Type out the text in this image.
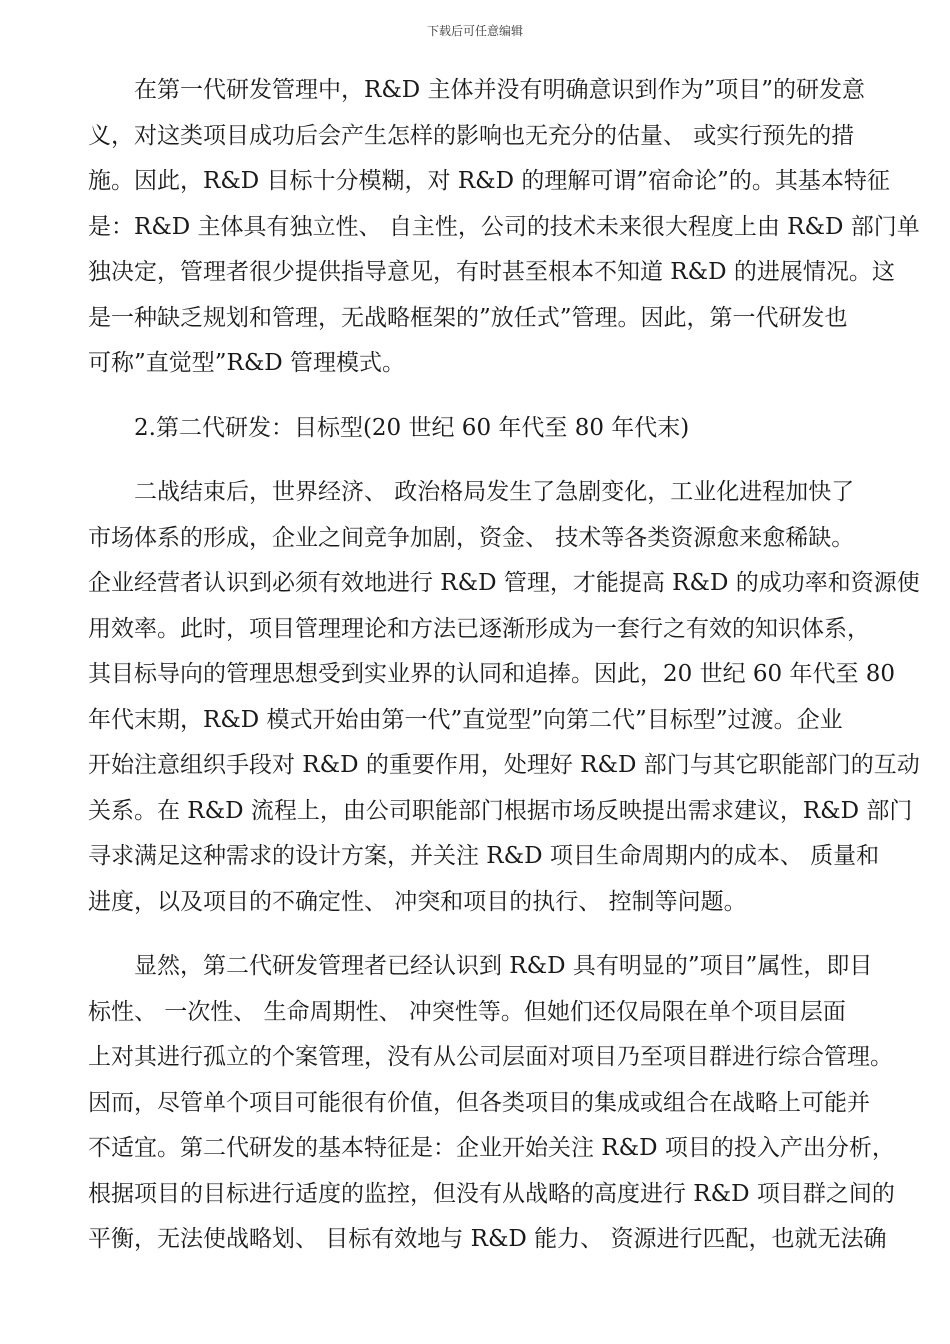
下载后可任意编辑
在第一代研发管理中，R&D 主体并没有明确意识到作为”项目”的研发意
义，对这类项目成功后会产生怎样的影响也无充分的估量、 或实行预先的措
施。因此，R&D 目标十分模糊，对 R&D 的理解可谓”宿命论”的。其基本特征
是：R&D 主体具有独立性、 自主性，公司的技术未来很大程度上由 R&D 部门单
独决定，管理者很少提供指导意见，有时甚至根本不知道 R&D 的进展情况。这
是一种缺乏规划和管理，无战略框架的”放任式”管理。因此，第一代研发也
可称”直觉型”R&D 管理模式。
2.第二代研发：目标型(20 世纪 60 年代至 80 年代末)
二战结束后，世界经济、 政治格局发生了急剧变化，工业化进程加快了
市场体系的形成，企业之间竞争加剧，资金、 技术等各类资源愈来愈稀缺。
企业经营者认识到必须有效地进行 R&D 管理，才能提高 R&D 的成功率和资源使
用效率。此时，项目管理理论和方法已逐渐形成为一套行之有效的知识体系，
其目标导向的管理思想受到实业界的认同和追捧。因此，20 世纪 60 年代至 80
年代末期，R&D 模式开始由第一代”直觉型”向第二代”目标型”过渡。企业
开始注意组织手段对 R&D 的重要作用，处理好 R&D 部门与其它职能部门的互动
关系。在 R&D 流程上，由公司职能部门根据市场反映提出需求建议，R&D 部门
寻求满足这种需求的设计方案，并关注 R&D 项目生命周期内的成本、 质量和
进度，以及项目的不确定性、 冲突和项目的执行、 控制等问题。
显然，第二代研发管理者已经认识到 R&D 具有明显的”项目”属性，即目
标性、 一次性、 生命周期性、 冲突性等。但她们还仅局限在单个项目层面
上对其进行孤立的个案管理，没有从公司层面对项目乃至项目群进行综合管理。
因而，尽管单个项目可能很有价值，但各类项目的集成或组合在战略上可能并
不适宜。第二代研发的基本特征是：企业开始关注 R&D 项目的投入产出分析，
根据项目的目标进行适度的监控，但没有从战略的高度进行 R&D 项目群之间的
平衡，无法使战略划、 目标有效地与 R&D 能力、 资源进行匹配，也就无法确
